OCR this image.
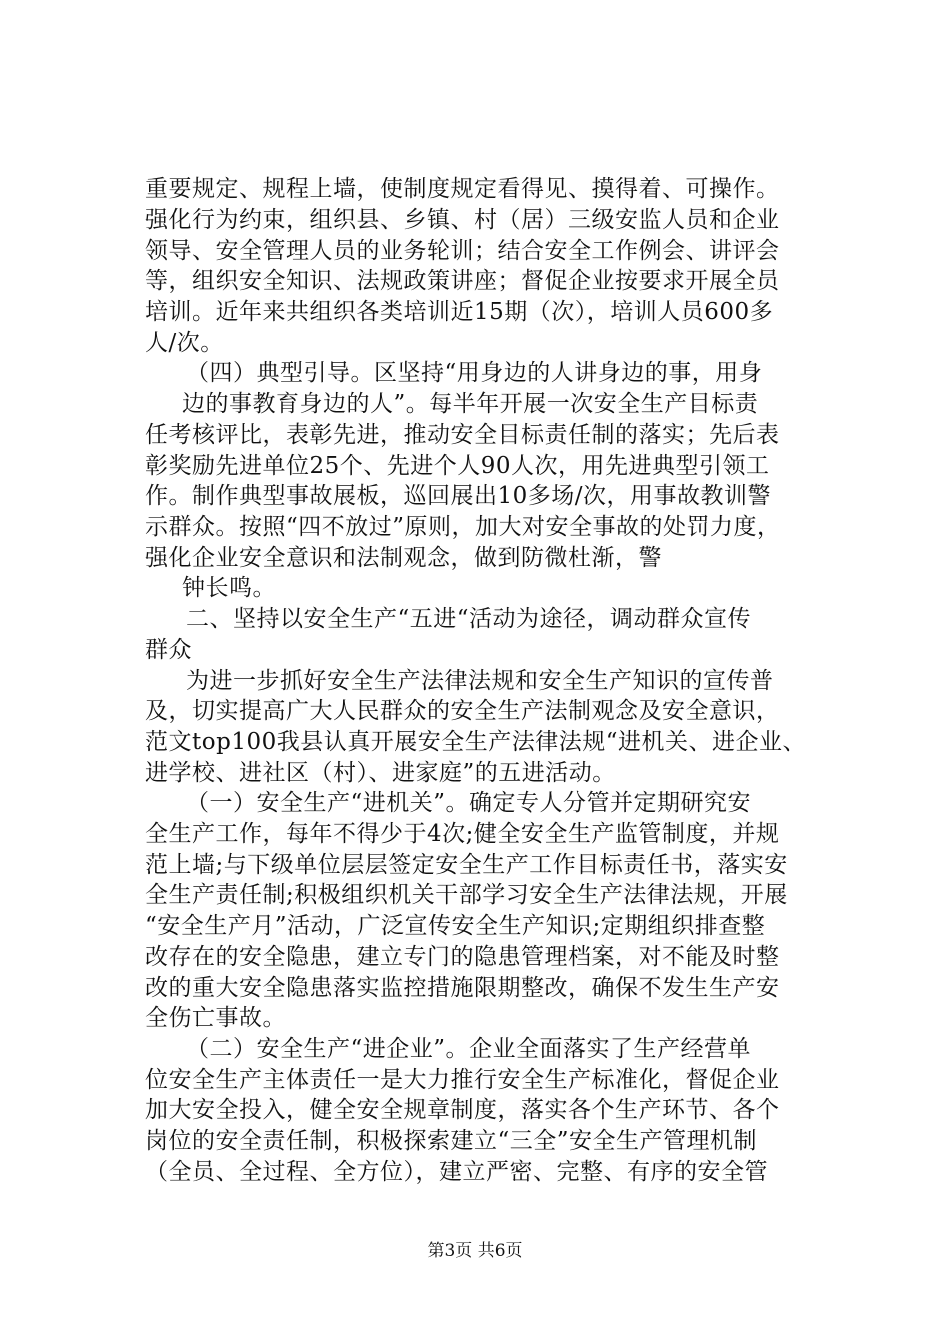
重要规定、规程上墙，使制度规定看得见、摸得着、可操作。
强化行为约束，组织县、乡镇、村（居）三级安监人员和企业
领导、安全管理人员的业务轮训；结合安全工作例会、讲评会
等，组织安全知识、法规政策讲座；督促企业按要求开展全员
培训。近年来共组织各类培训近15期（次），培训人员600多
人/次。
（四）典型引导。区坚持“用身边的人讲身边的事，用身
边的事教育身边的人”。每半年开展一次安全生产目标责
任考核评比，表彰先进，推动安全目标责任制的落实；先后表
彰奖励先进单位25个、先进个人90人次，用先进典型引领工
作。制作典型事故展板，巡回展出10多场/次，用事故教训警
示群众。按照“四不放过”原则，加大对安全事故的处罚力度，
强化企业安全意识和法制观念，做到防微杜渐，警
钟长鸣。
二、坚持以安全生产“五进“活动为途径，调动群众宣传
群众
为进一步抓好安全生产法律法规和安全生产知识的宣传普
及，切实提高广大人民群众的安全生产法制观念及安全意识，
范文top100我县认真开展安全生产法律法规“进机关、进企业、
进学校、进社区（村）、进家庭”的五进活动。
（一）安全生产“进机关”。确定专人分管并定期研究安
全生产工作，每年不得少于4次;健全安全生产监管制度，并规
范上墙;与下级单位层层签定安全生产工作目标责任书，落实安
全生产责任制;积极组织机关干部学习安全生产法律法规，开展
“安全生产月”活动，广泛宣传安全生产知识;定期组织排查整
改存在的安全隐患，建立专门的隐患管理档案，对不能及时整
改的重大安全隐患落实监控措施限期整改，确保不发生生产安
全伤亡事故。
（二）安全生产“进企业”。企业全面落实了生产经营单
位安全生产主体责任一是大力推行安全生产标准化，督促企业
加大安全投入，健全安全规章制度，落实各个生产环节、各个
岗位的安全责任制，积极探索建立“三全”安全生产管理机制
（全员、全过程、全方位），建立严密、完整、有序的安全管
第3页 共6页
